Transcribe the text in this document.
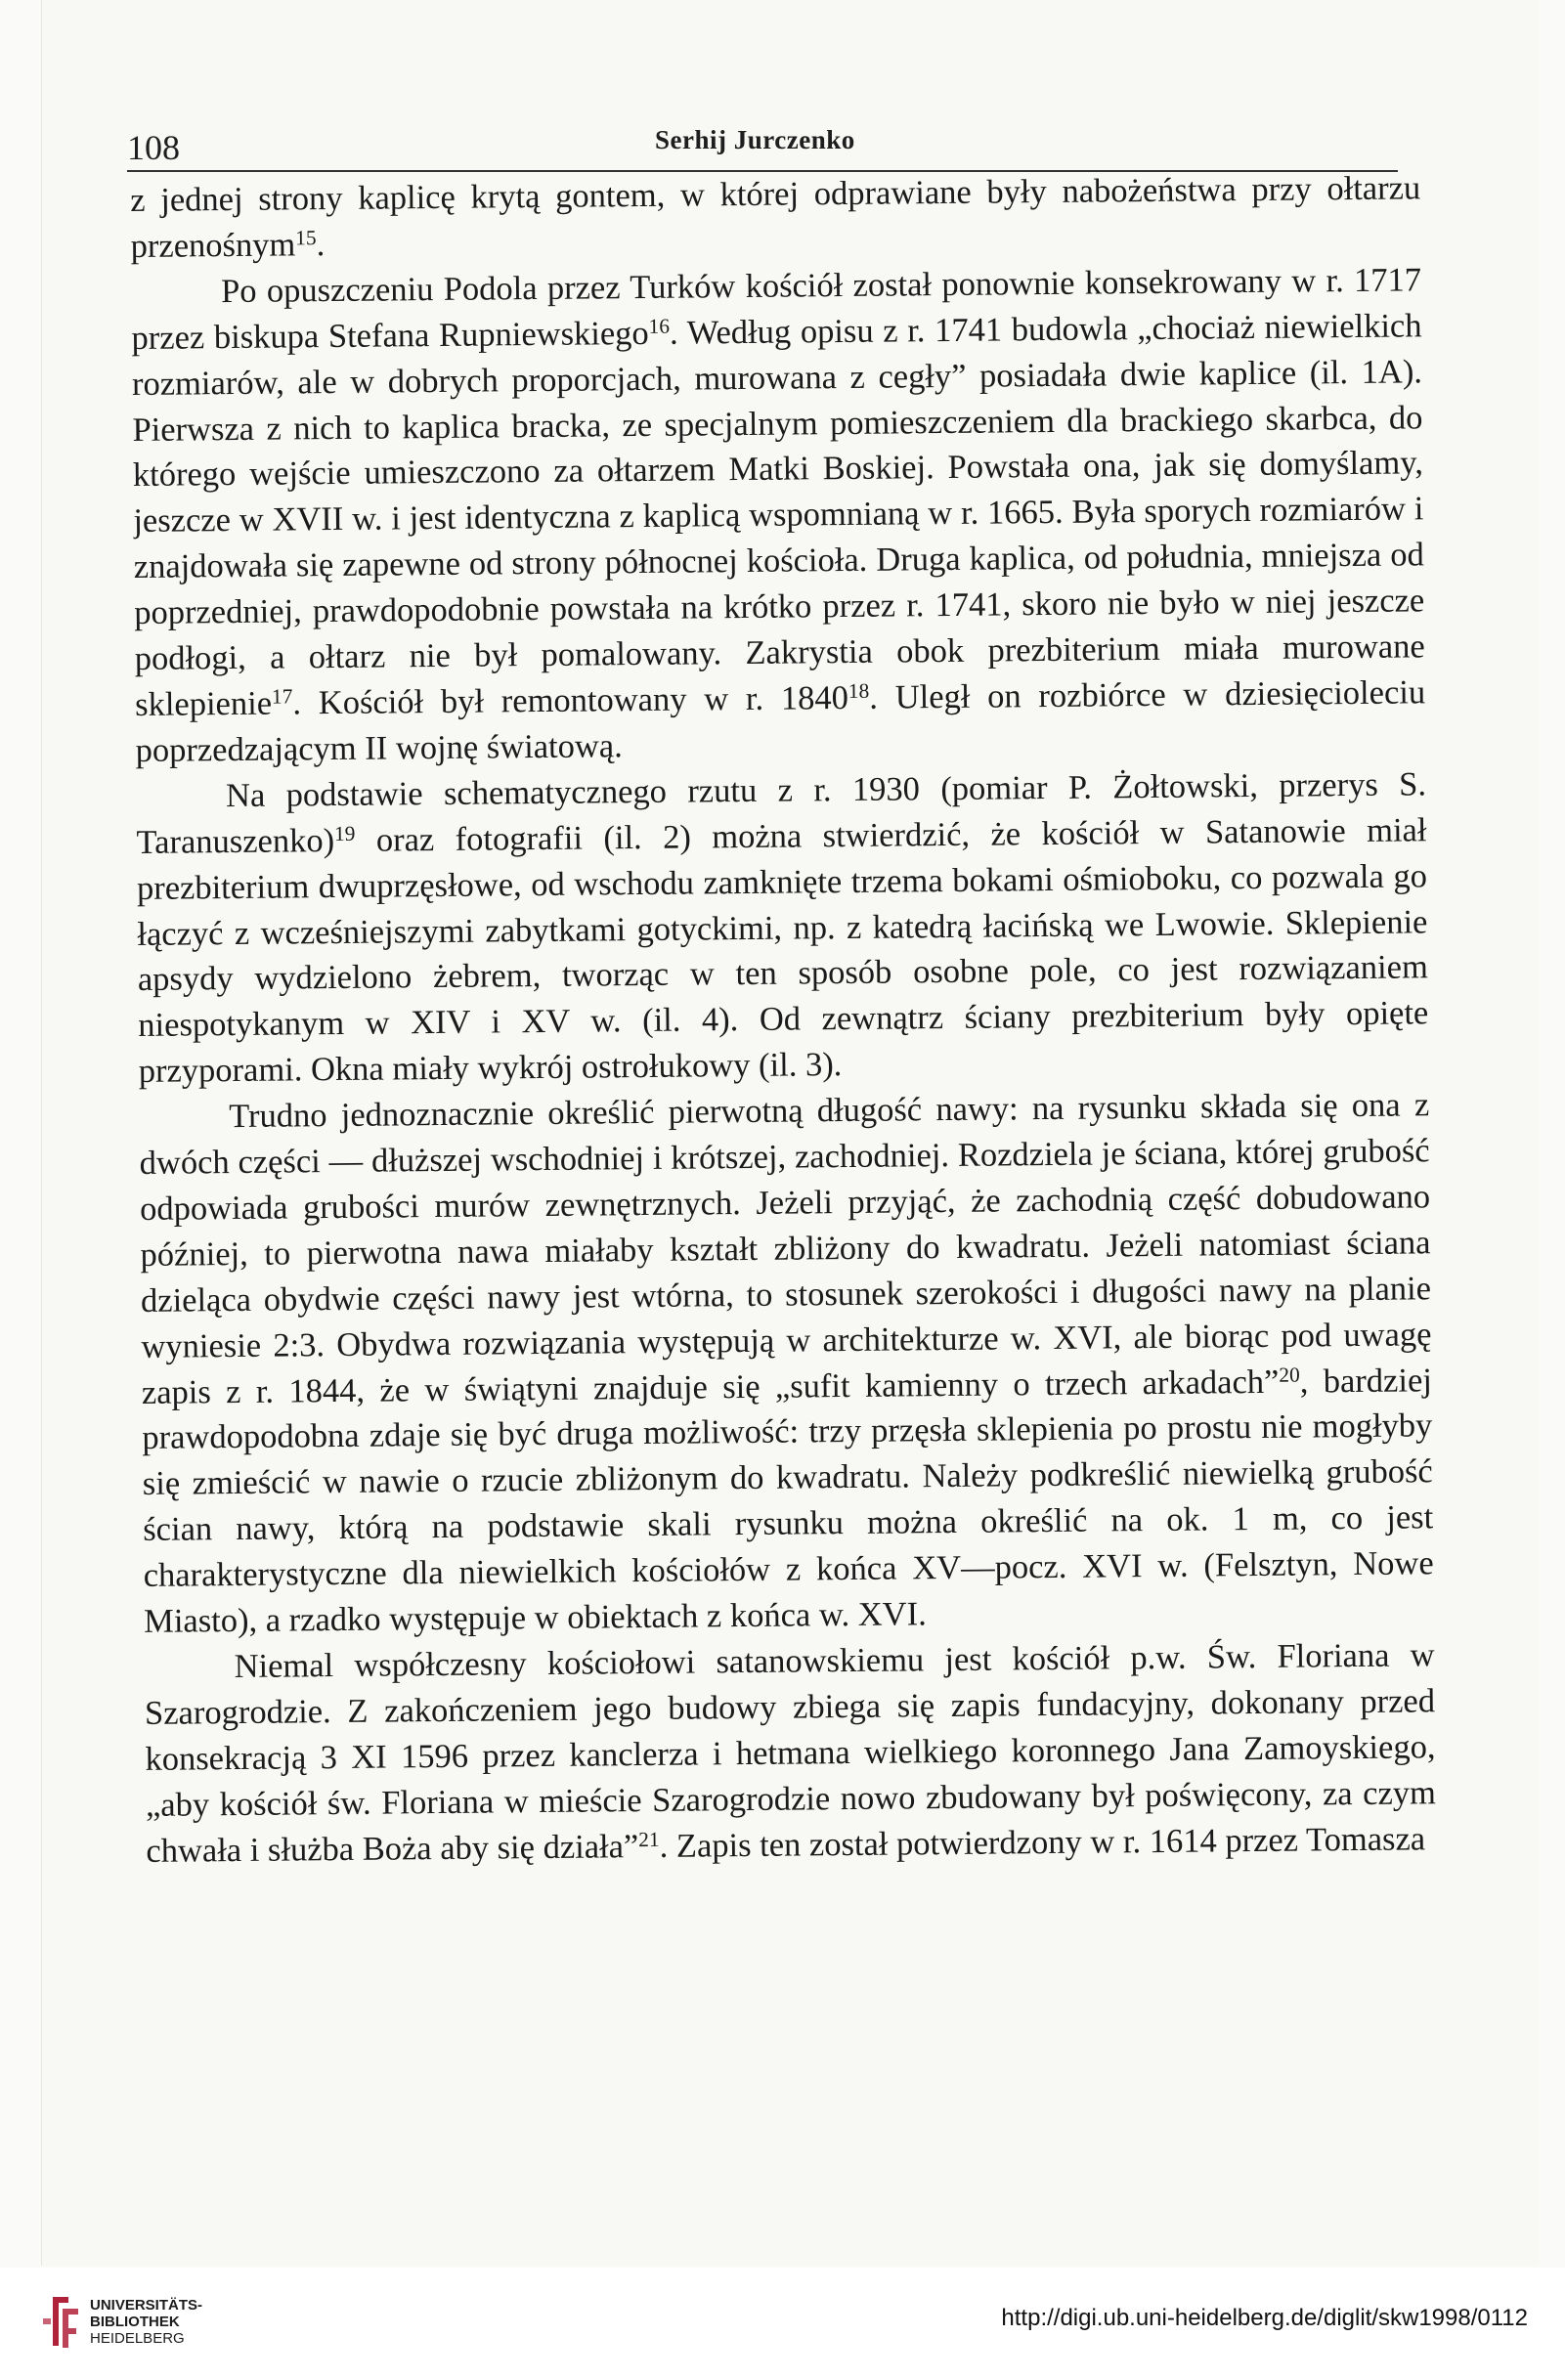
108	Serhij Jurczenko

z jednej strony kaplicę krytą gontem, w której odprawiane były nabożeństwa przy ołtarzu przenośnym$^{15}$.

Po opuszczeniu Podola przez Turków kościół został ponownie konsekrowany w r. 1717 przez biskupa Stefana Rupniewskiego$^{16}$. Według opisu z r. 1741 budowla „chociaż niewielkich rozmiarów, ale w dobrych proporcjach, murowana z cegły” posiadała dwie kaplice (il. 1A). Pierwsza z nich to kaplica bracka, ze specjalnym pomieszczeniem dla brackiego skarbca, do którego wejście umieszczono za ołtarzem Matki Boskiej. Powstała ona, jak się domyślamy, jeszcze w XVII w. i jest identyczna z kaplicą wspomnianą w r. 1665. Była sporych rozmiarów i znajdowała się zapewne od strony północnej kościoła. Druga kaplica, od południa, mniejsza od poprzedniej, prawdopodobnie powstała na krótko przez r. 1741, skoro nie było w niej jeszcze podłogi, a ołtarz nie był pomalowany. Zakrystia obok prezbiterium miała murowane sklepienie$^{17}$. Kościół był remontowany w r. 1840$^{18}$. Uległ on rozbiórce w dziesięcioleciu poprzedzającym II wojnę światową.

Na podstawie schematycznego rzutu z r. 1930 (pomiar P. Żołtowski, przerys S. Taranuszenko)$^{19}$ oraz fotografii (il. 2) można stwierdzić, że kościół w Satanowie miał prezbiterium dwuprzęsłowe, od wschodu zamknięte trzema bokami ośmioboku, co pozwala go łączyć z wcześniejszymi zabytkami gotyckimi, np. z katedrą łacińską we Lwowie. Sklepienie apsydy wydzielono żebrem, tworząc w ten sposób osobne pole, co jest rozwiązaniem niespotykanym w XIV i XV w. (il. 4). Od zewnątrz ściany prezbiterium były opięte przyporami. Okna miały wykrój ostrołukowy (il. 3).

Trudno jednoznacznie określić pierwotną długość nawy: na rysunku składa się ona z dwóch części — dłuższej wschodniej i krótszej, zachodniej. Rozdziela je ściana, której grubość odpowiada grubości murów zewnętrznych. Jeżeli przyjąć, że zachodnią część dobudowano później, to pierwotna nawa miałaby kształt zbliżony do kwadratu. Jeżeli natomiast ściana dzieląca obydwie części nawy jest wtórna, to stosunek szerokości i długości nawy na planie wyniesie 2:3. Obydwa rozwiązania występują w architekturze w. XVI, ale biorąc pod uwagę zapis z r. 1844, że w świątyni znajduje się „sufit kamienny o trzech arkadach”$^{20}$, bardziej prawdopodobna zdaje się być druga możliwość: trzy przęsła sklepienia po prostu nie mogłyby się zmieścić w nawie o rzucie zbliżonym do kwadratu. Należy podkreślić niewielką grubość ścian nawy, którą na podstawie skali rysunku można określić na ok. 1 m, co jest charakterystyczne dla niewielkich kościołów z końca XV—pocz. XVI w. (Felsztyn, Nowe Miasto), a rzadko występuje w obiektach z końca w. XVI.

Niemal współczesny kościołowi satanowskiemu jest kościół p.w. Św. Floriana w Szarogrodzie. Z zakończeniem jego budowy zbiega się zapis fundacyjny, dokonany przed konsekracją 3 XI 1596 przez kanclerza i hetmana wielkiego koronnego Jana Zamoyskiego, „aby kościół św. Floriana w mieście Szarogrodzie nowo zbudowany był poświęcony, za czym chwała i służba Boża aby się działa”$^{21}$. Zapis ten został potwierdzony w r. 1614 przez Tomasza

UNIVERSITÄTS-
BIBLIOTHEK
HEIDELBERG
http://digi.ub.uni-heidelberg.de/diglit/skw1998/0112
